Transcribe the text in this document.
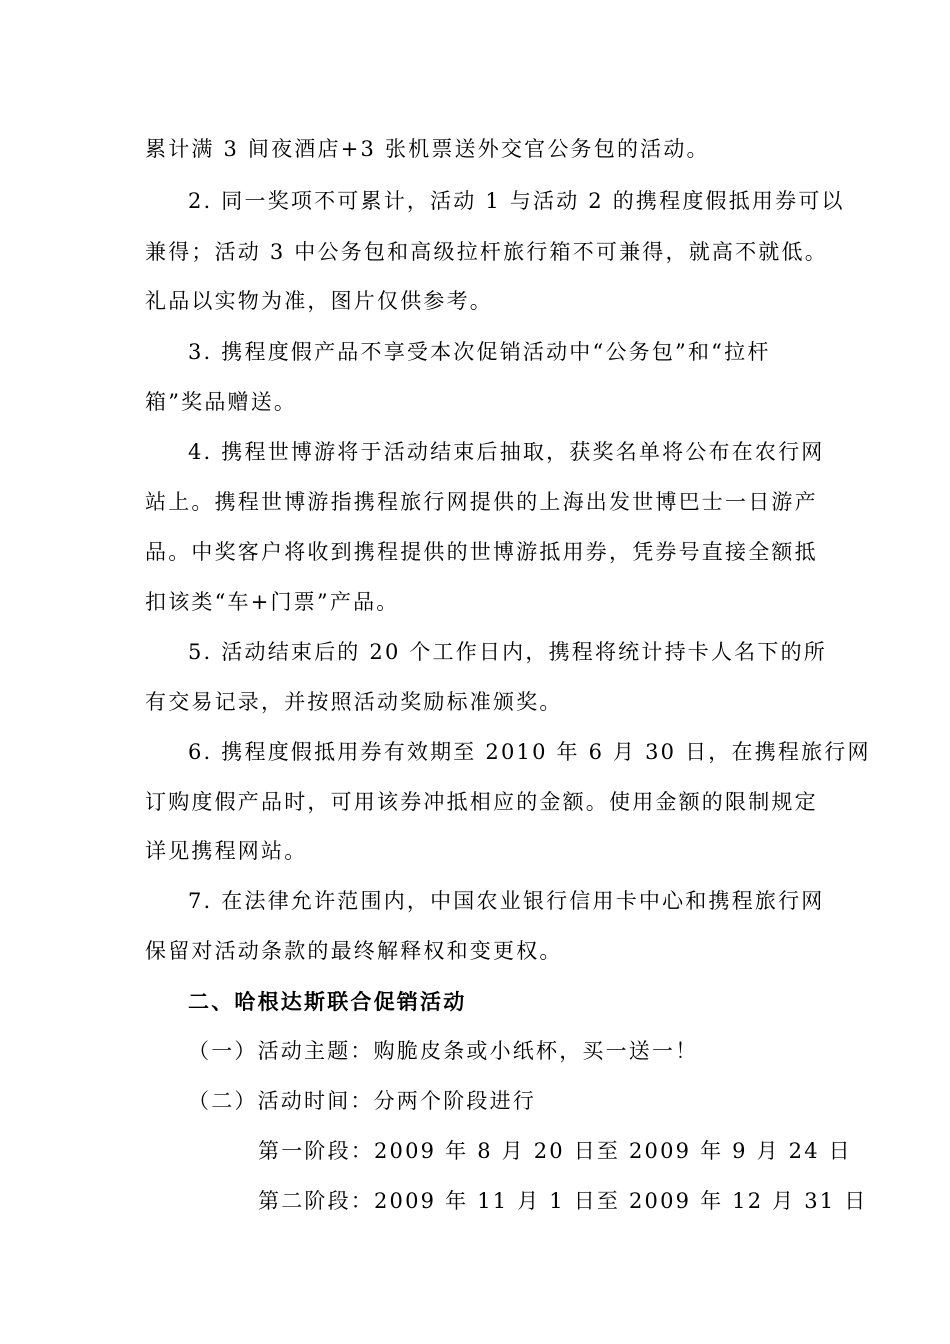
累计满 3 间夜酒店+3 张机票送外交官公务包的活动。
2. 同一奖项不可累计，活动 1 与活动 2 的携程度假抵用券可以
兼得；活动 3 中公务包和高级拉杆旅行箱不可兼得，就高不就低。
礼品以实物为准，图片仅供参考。
3. 携程度假产品不享受本次促销活动中“公务包”和“拉杆
箱”奖品赠送。
4. 携程世博游将于活动结束后抽取，获奖名单将公布在农行网
站上。携程世博游指携程旅行网提供的上海出发世博巴士一日游产
品。中奖客户将收到携程提供的世博游抵用券，凭券号直接全额抵
扣该类“车+门票”产品。
5. 活动结束后的 20 个工作日内，携程将统计持卡人名下的所
有交易记录，并按照活动奖励标准颁奖。
6. 携程度假抵用券有效期至 2010 年 6 月 30 日，在携程旅行网
订购度假产品时，可用该券冲抵相应的金额。使用金额的限制规定
详见携程网站。
7. 在法律允许范围内，中国农业银行信用卡中心和携程旅行网
保留对活动条款的最终解释权和变更权。
二、哈根达斯联合促销活动
（一）活动主题：购脆皮条或小纸杯，买一送一！
（二）活动时间：分两个阶段进行
第一阶段：2009 年 8 月 20 日至 2009 年 9 月 24 日
第二阶段：2009 年 11 月 1 日至 2009 年 12 月 31 日
